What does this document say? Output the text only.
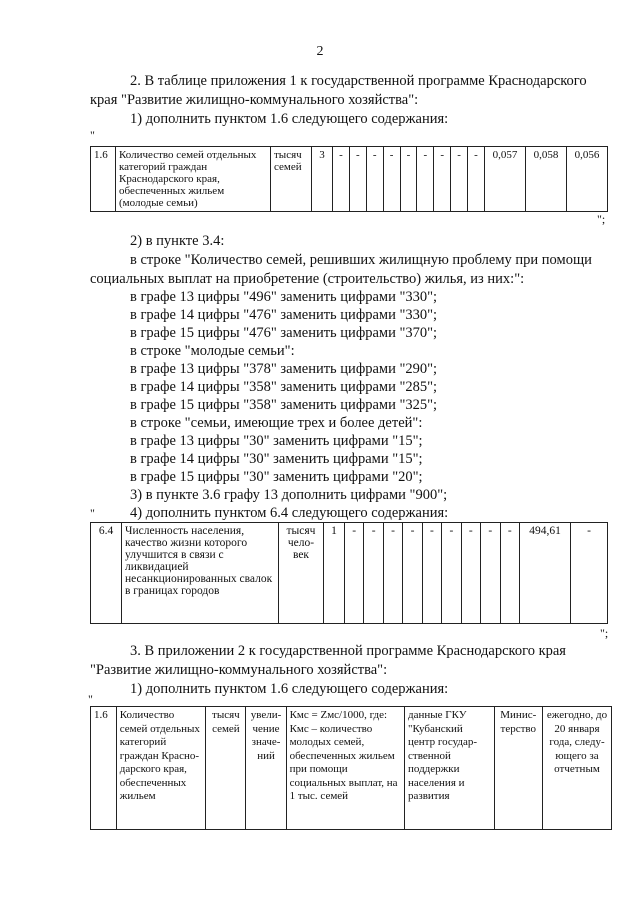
2
2. В таблице приложения 1 к государственной программе Краснодарского
края "Развитие жилищно-коммунального хозяйства":
1) дополнить пунктом 1.6 следующего содержания:
"
1.6	Количество семей отдельных категорий граждан Краснодарского края, обеспеченных жильем (молодые семьи)	тысяч семей	3	-	-	-	-	-	-	-	-	-	0,057	0,058	0,056
";
2) в пункте 3.4:
в строке "Количество семей, решивших жилищную проблему при помощи
социальных выплат на приобретение (строительство) жилья, из них:":
в графе 13 цифры "496" заменить цифрами "330";
в графе 14 цифры "476" заменить цифрами "330";
в графе 15 цифры "476" заменить цифрами "370";
в строке "молодые семьи":
в графе 13 цифры "378" заменить цифрами "290";
в графе 14 цифры "358" заменить цифрами "285";
в графе 15 цифры "358" заменить цифрами "325";
в строке "семьи, имеющие трех и более детей":
в графе 13 цифры "30" заменить цифрами "15";
в графе 14 цифры "30" заменить цифрами "15";
в графе 15 цифры "30" заменить цифрами "20";
3) в пункте 3.6 графу 13 дополнить цифрами "900";
4) дополнить пунктом 6.4 следующего содержания:
"
6.4	Численность населения, качество жизни которого улучшится в связи с ликвидацией несанкционированных свалок в границах городов	тысяч чело-век	1	-	-	-	-	-	-	-	-	-	494,61	-
";
3. В приложении 2 к государственной программе Краснодарского края
"Развитие жилищно-коммунального хозяйства":
1) дополнить пунктом 1.6 следующего содержания:
"
1.6	Количество семей отдельных категорий граждан Красно-дарского края, обеспеченных жильем	тысяч семей	увели-чение значе-ний	Кмс = Zмс/1000, где: Кмс – количество молодых семей, обеспеченных жильем при помощи социальных выплат, на 1 тыс. семей	данные ГКУ "Кубанский центр государ-ственной поддержки населения и развития	Минис-терство	ежегодно, до 20 января года, следу-ющего за отчетным
